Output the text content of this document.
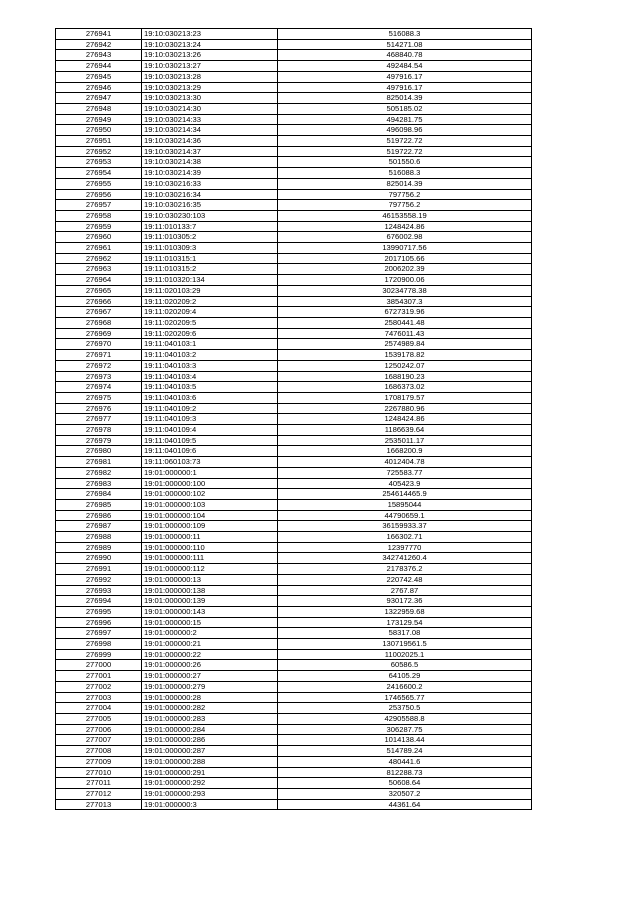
276941	19:10:030213:23	516088.3
276942	19:10:030213:24	514271.08
276943	19:10:030213:26	468840.78
276944	19:10:030213:27	492484.54
276945	19:10:030213:28	497916.17
276946	19:10:030213:29	497916.17
276947	19:10:030213:30	825014.39
276948	19:10:030214:30	505185.02
276949	19:10:030214:33	494281.75
276950	19:10:030214:34	496098.96
276951	19:10:030214:36	519722.72
276952	19:10:030214:37	519722.72
276953	19:10:030214:38	501550.6
276954	19:10:030214:39	516088.3
276955	19:10:030216:33	825014.39
276956	19:10:030216:34	797756.2
276957	19:10:030216:35	797756.2
276958	19:10:030230:103	46153558.19
276959	19:11:010133:7	1248424.86
276960	19:11:010305:2	676002.98
276961	19:11:010309:3	13990717.56
276962	19:11:010315:1	2017105.66
276963	19:11:010315:2	2006202.39
276964	19:11:010320:134	1720900.06
276965	19:11:020103:29	30234778.38
276966	19:11:020209:2	3854307.3
276967	19:11:020209:4	6727319.96
276968	19:11:020209:5	2580441.48
276969	19:11:020209:6	7476011.43
276970	19:11:040103:1	2574989.84
276971	19:11:040103:2	1539178.82
276972	19:11:040103:3	1250242.07
276973	19:11:040103:4	1688190.23
276974	19:11:040103:5	1686373.02
276975	19:11:040103:6	1708179.57
276976	19:11:040109:2	2267880.96
276977	19:11:040109:3	1248424.86
276978	19:11:040109:4	1186639.64
276979	19:11:040109:5	2535011.17
276980	19:11:040109:6	1668200.9
276981	19:11:060103:73	4012404.78
276982	19:01:000000:1	725583.77
276983	19:01:000000:100	405423.9
276984	19:01:000000:102	254614465.9
276985	19:01:000000:103	15895044
276986	19:01:000000:104	44790659.1
276987	19:01:000000:109	36159933.37
276988	19:01:000000:11	166302.71
276989	19:01:000000:110	12397770
276990	19:01:000000:111	342741260.4
276991	19:01:000000:112	2178376.2
276992	19:01:000000:13	220742.48
276993	19:01:000000:138	2767.87
276994	19:01:000000:139	930172.36
276995	19:01:000000:143	1322959.68
276996	19:01:000000:15	173129.54
276997	19:01:000000:2	58317.08
276998	19:01:000000:21	130719561.5
276999	19:01:000000:22	11002025.1
277000	19:01:000000:26	60586.5
277001	19:01:000000:27	64105.29
277002	19:01:000000:279	2416600.2
277003	19:01:000000:28	1746565.77
277004	19:01:000000:282	253750.5
277005	19:01:000000:283	42905588.8
277006	19:01:000000:284	306287.75
277007	19:01:000000:286	1014138.44
277008	19:01:000000:287	514789.24
277009	19:01:000000:288	480441.6
277010	19:01:000000:291	812288.73
277011	19:01:000000:292	50608.64
277012	19:01:000000:293	320507.2
277013	19:01:000000:3	44361.64
